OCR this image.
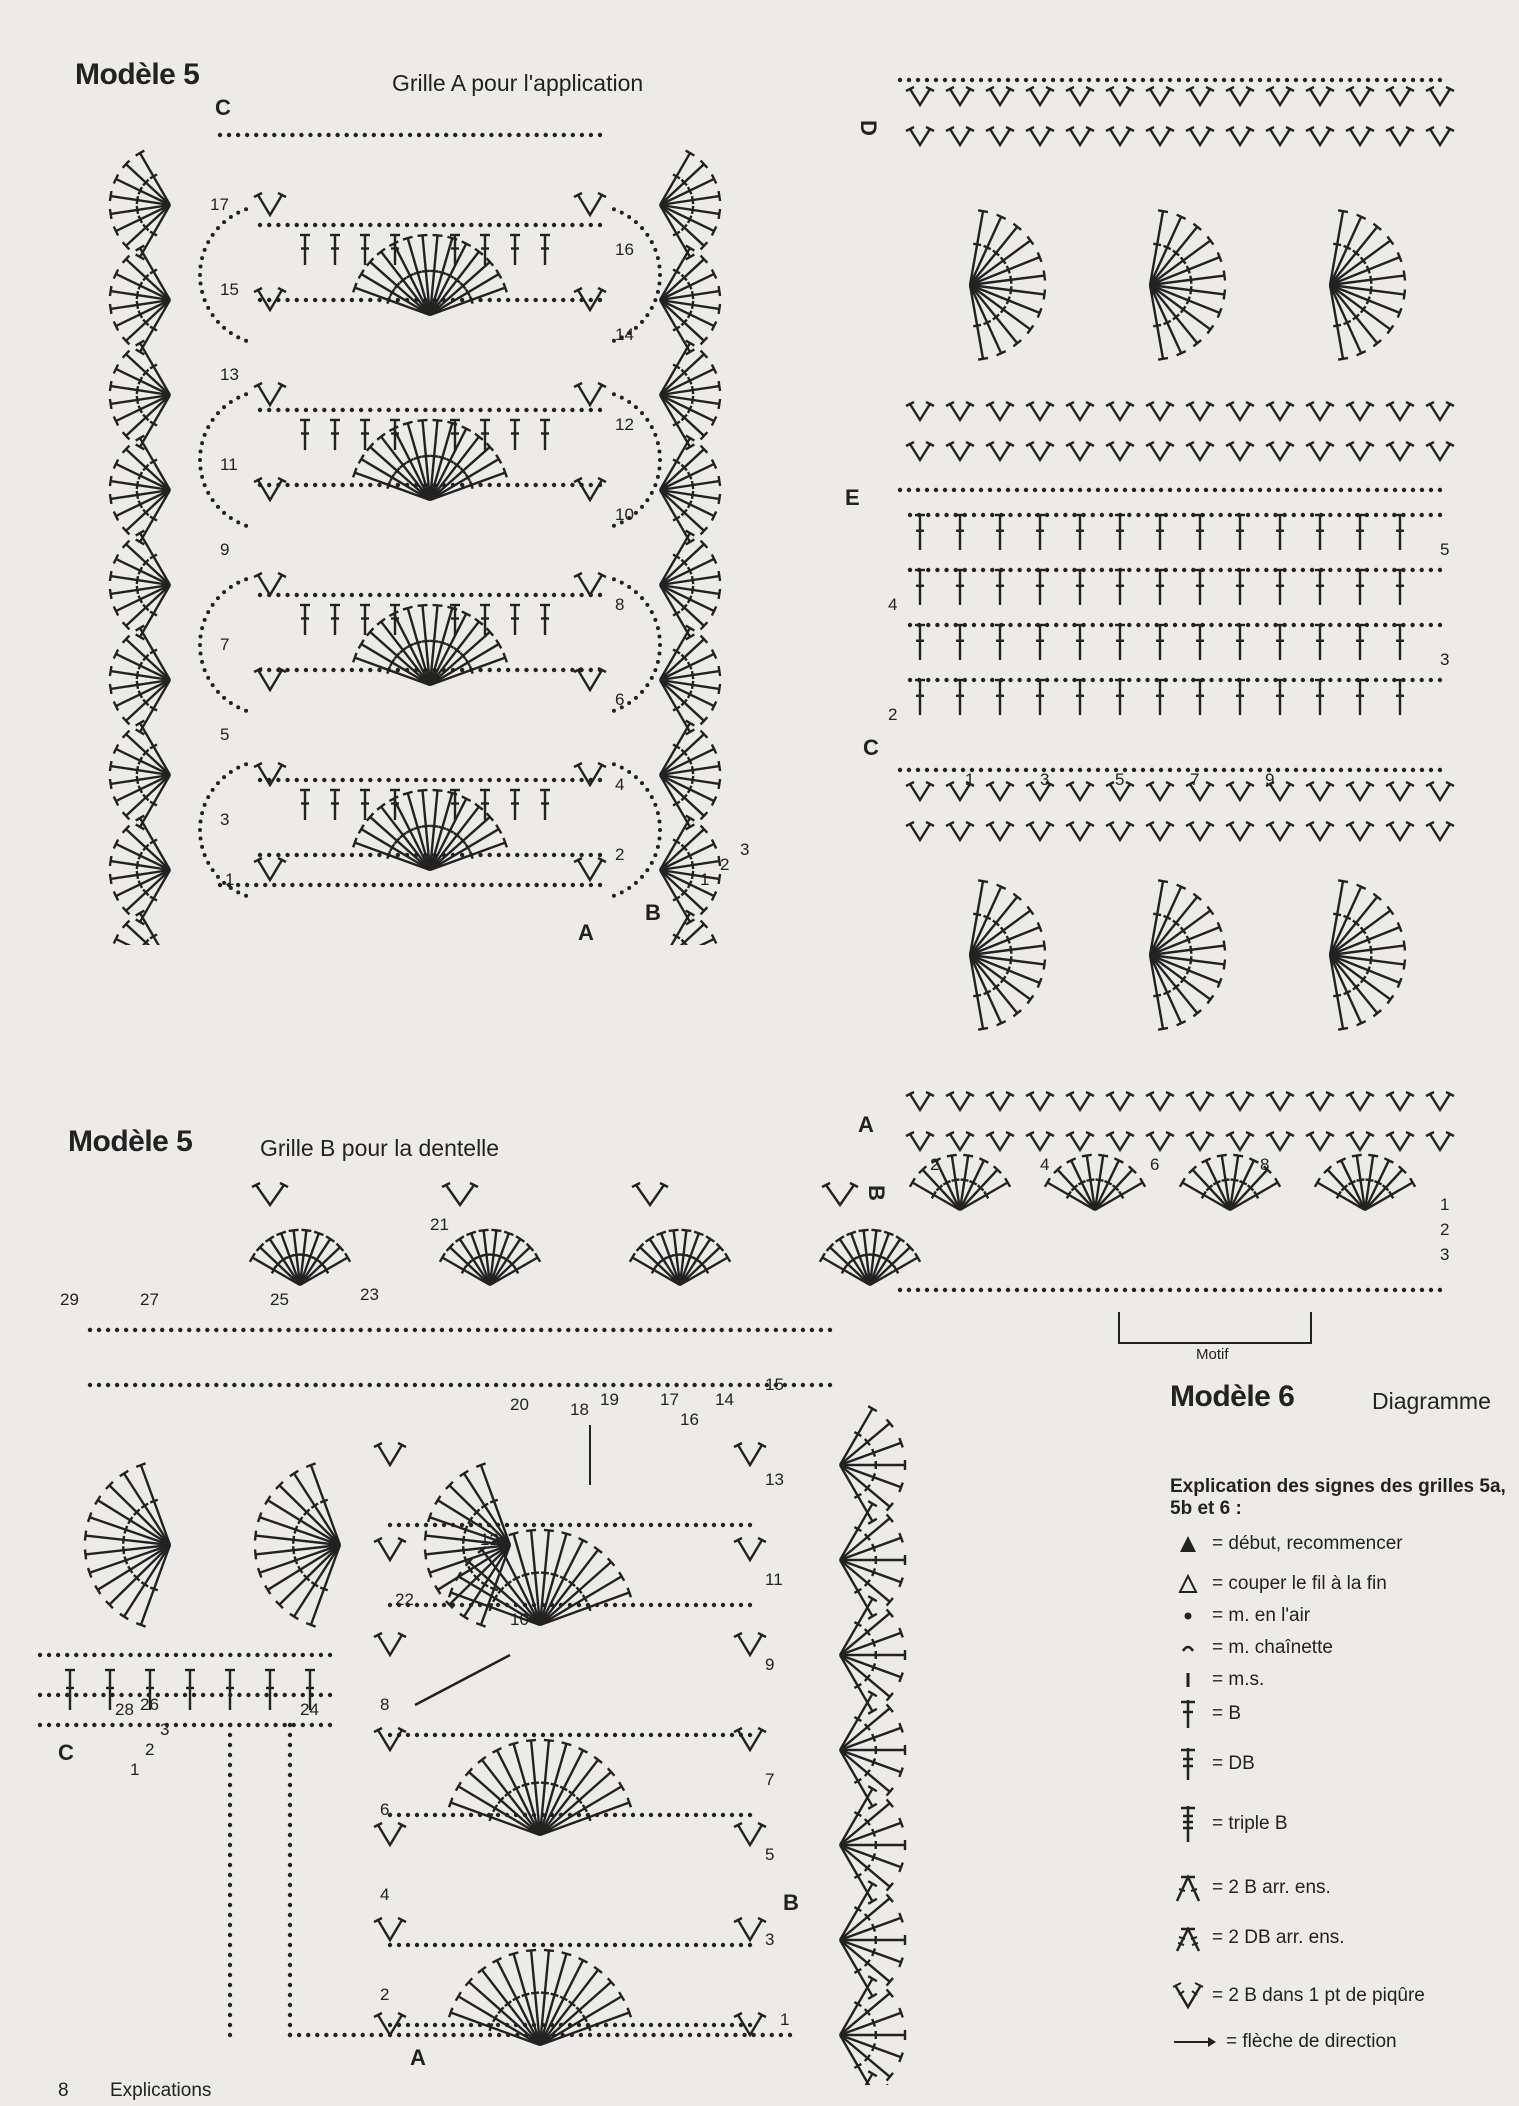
Modèle 5	Grille A pour l'application
1
2
3
4
5
6
7
8
9
10
11
12
13
14
15
16
17
1
2
3
C
A
B
Modèle 5	Grille B pour la dentelle
1
2
3
4
5
6
7
8
9
10
11
12
13
14
15
16
17
18
19
20
21
22
23
24
25
26
27
28
29
1
2
3
C
A
B
2
3
4
5
1	3	5	7	9
2	4	6	8
1
2
3
D
E
C
A
B
Motif
Modèle 6	Diagramme
Explication des signes des grilles 5a, 5b et 6 :
= début, recommencer
= couper le fil à la fin
= m. en l'air
= m. chaînette
= m.s.
= B
= DB
= triple B
= 2 B arr. ens.
= 2 DB arr. ens.
= 2 B dans 1 pt de piqûre
= flèche de direction
8 Explications
